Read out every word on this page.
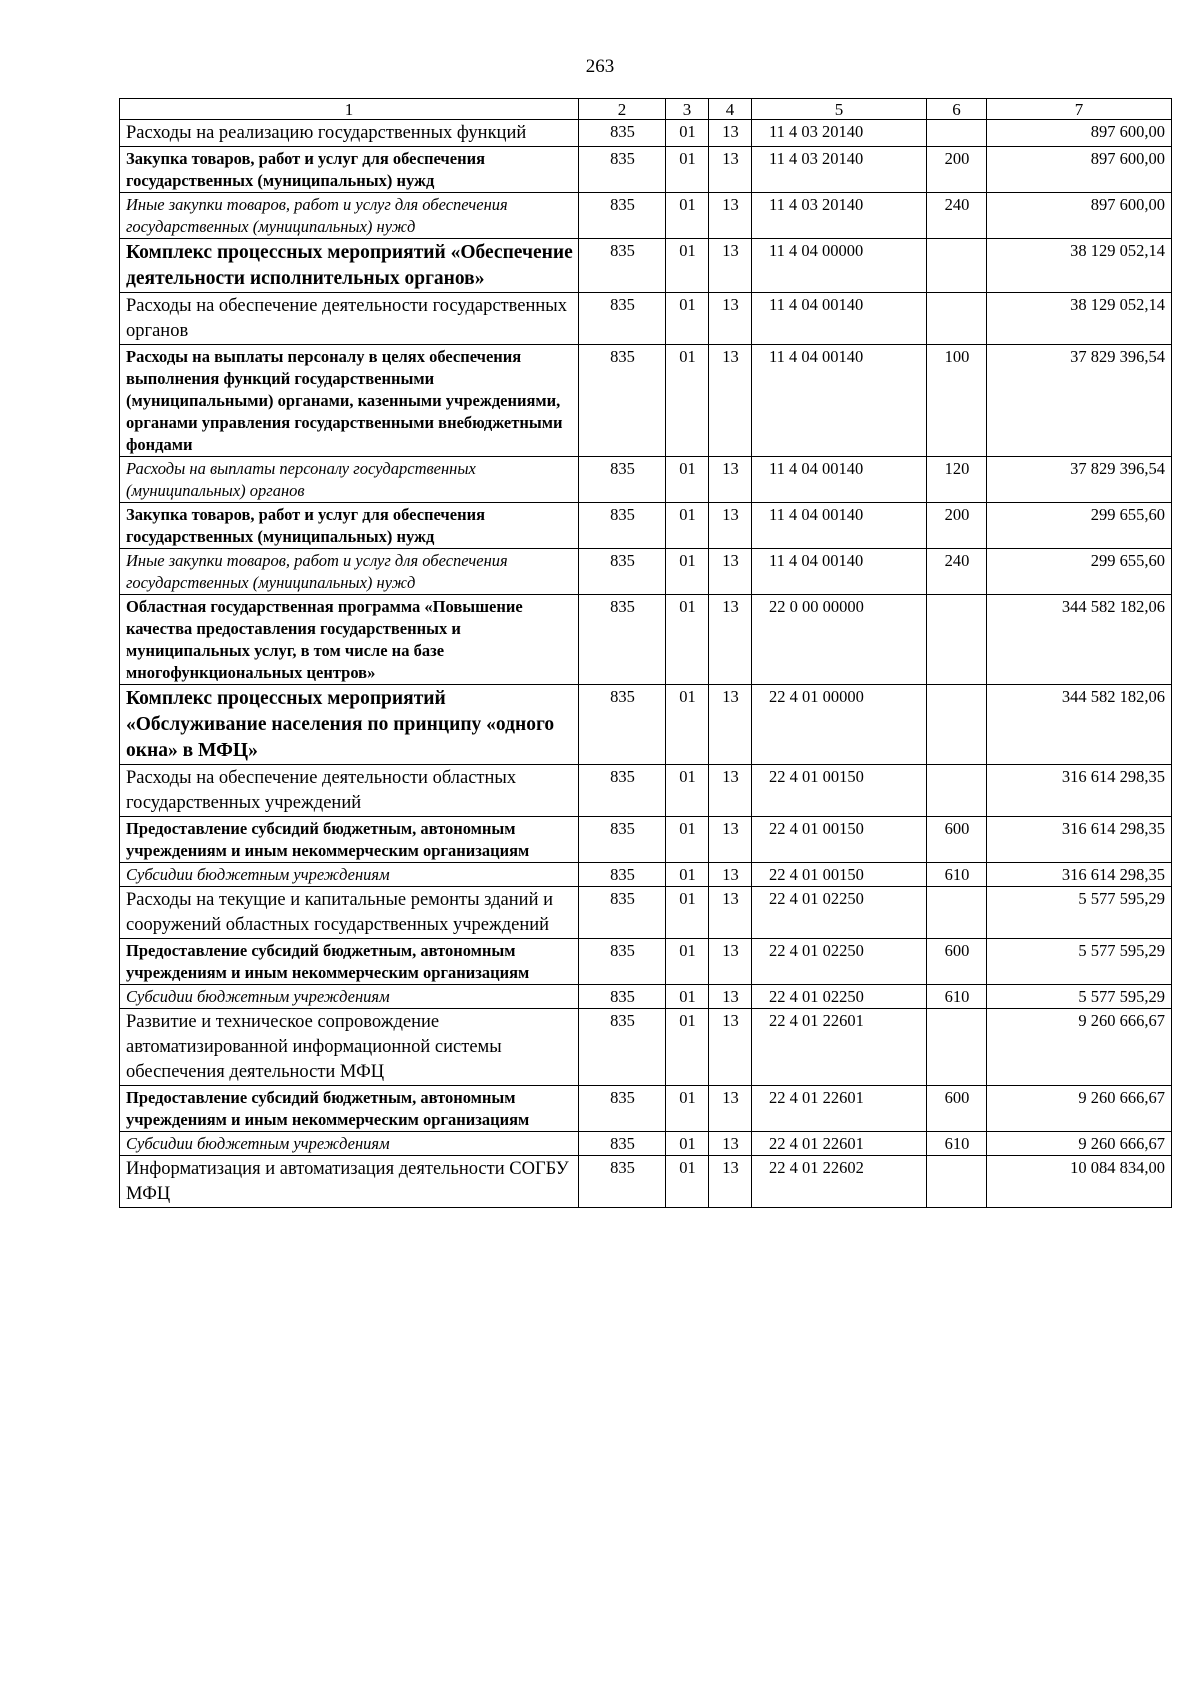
263
1	2	3	4	5	6	7
Расходы на реализацию государственных функций	835	01	13	11 4 03 20140		897 600,00
Закупка товаров, работ и услуг для обеспечения государственных (муниципальных) нужд	835	01	13	11 4 03 20140	200	897 600,00
Иные закупки товаров, работ и услуг для обеспечения государственных (муниципальных) нужд	835	01	13	11 4 03 20140	240	897 600,00
Комплекс процессных мероприятий «Обеспечение деятельности исполнительных органов»	835	01	13	11 4 04 00000		38 129 052,14
Расходы на обеспечение деятельности государственных органов	835	01	13	11 4 04 00140		38 129 052,14
Расходы на выплаты персоналу в целях обеспечения выполнения функций государственными (муниципальными) органами, казенными учреждениями, органами управления государственными внебюджетными фондами	835	01	13	11 4 04 00140	100	37 829 396,54
Расходы на выплаты персоналу государственных (муниципальных) органов	835	01	13	11 4 04 00140	120	37 829 396,54
Закупка товаров, работ и услуг для обеспечения государственных (муниципальных) нужд	835	01	13	11 4 04 00140	200	299 655,60
Иные закупки товаров, работ и услуг для обеспечения государственных (муниципальных) нужд	835	01	13	11 4 04 00140	240	299 655,60
Областная государственная программа «Повышение качества предоставления государственных и муниципальных услуг, в том числе на базе многофункциональных центров»	835	01	13	22 0 00 00000		344 582 182,06
Комплекс процессных мероприятий «Обслуживание населения по принципу «одного окна» в МФЦ»	835	01	13	22 4 01 00000		344 582 182,06
Расходы на обеспечение деятельности областных государственных учреждений	835	01	13	22 4 01 00150		316 614 298,35
Предоставление субсидий бюджетным, автономным учреждениям и иным некоммерческим организациям	835	01	13	22 4 01 00150	600	316 614 298,35
Субсидии бюджетным учреждениям	835	01	13	22 4 01 00150	610	316 614 298,35
Расходы на текущие и капитальные ремонты зданий и сооружений областных государственных учреждений	835	01	13	22 4 01 02250		5 577 595,29
Предоставление субсидий бюджетным, автономным учреждениям и иным некоммерческим организациям	835	01	13	22 4 01 02250	600	5 577 595,29
Субсидии бюджетным учреждениям	835	01	13	22 4 01 02250	610	5 577 595,29
Развитие и техническое сопровождение автоматизированной информационной системы обеспечения деятельности МФЦ	835	01	13	22 4 01 22601		9 260 666,67
Предоставление субсидий бюджетным, автономным учреждениям и иным некоммерческим организациям	835	01	13	22 4 01 22601	600	9 260 666,67
Субсидии бюджетным учреждениям	835	01	13	22 4 01 22601	610	9 260 666,67
Информатизация и автоматизация деятельности СОГБУ МФЦ	835	01	13	22 4 01 22602		10 084 834,00
